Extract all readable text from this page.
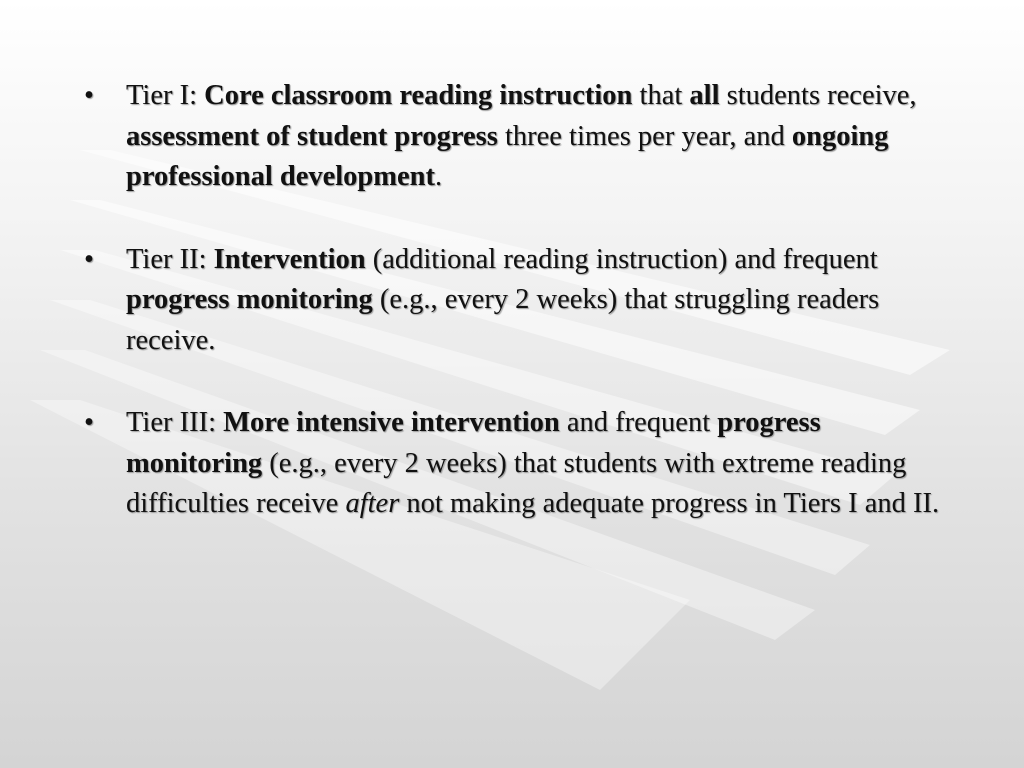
• Tier I: Core classroom reading instruction that all students receive, assessment of student progress three times per year, and ongoing professional development.
• Tier II: Intervention (additional reading instruction) and frequent progress monitoring (e.g., every 2 weeks) that struggling readers receive.
• Tier III: More intensive intervention and frequent progress monitoring (e.g., every 2 weeks) that students with extreme reading difficulties receive after not making adequate progress in Tiers I and II.
